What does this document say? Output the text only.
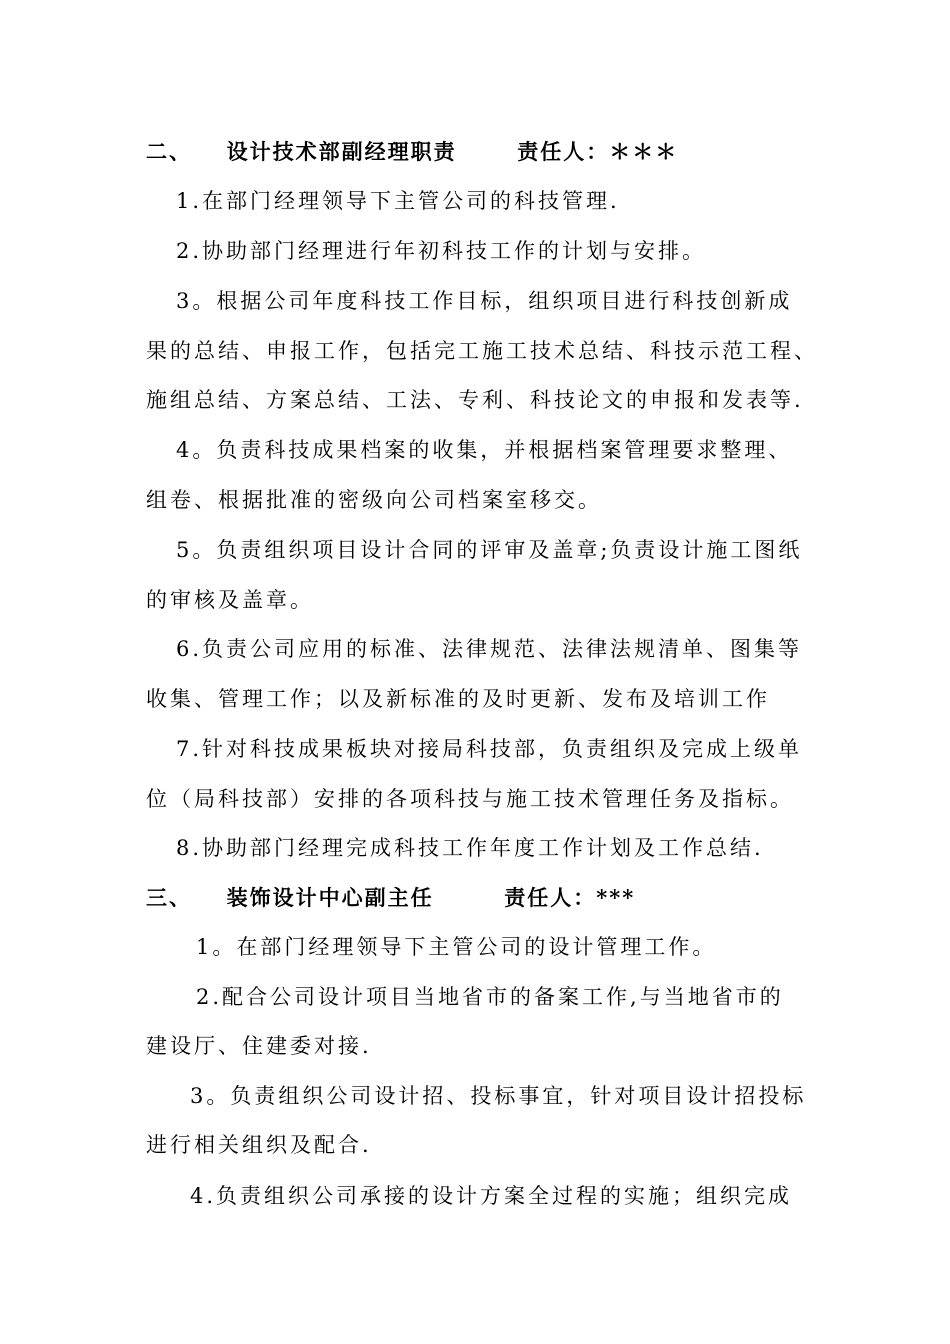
二、 设计技术部副经理职责	责任人：＊＊＊
1.在部门经理领导下主管公司的科技管理.
2.协助部门经理进行年初科技工作的计划与安排。
3。根据公司年度科技工作目标，组织项目进行科技创新成
果的总结、申报工作，包括完工施工技术总结、科技示范工程、
施组总结、方案总结、工法、专利、科技论文的申报和发表等.
4。负责科技成果档案的收集，并根据档案管理要求整理、
组卷、根据批准的密级向公司档案室移交。
5。负责组织项目设计合同的评审及盖章;负责设计施工图纸
的审核及盖章。
6.负责公司应用的标准、法律规范、法律法规清单、图集等
收集、管理工作；以及新标准的及时更新、发布及培训工作
7.针对科技成果板块对接局科技部，负责组织及完成上级单
位（局科技部）安排的各项科技与施工技术管理任务及指标。
8.协助部门经理完成科技工作年度工作计划及工作总结.
三、 装饰设计中心副主任	责任人：***
1。在部门经理领导下主管公司的设计管理工作。
2.配合公司设计项目当地省市的备案工作,与当地省市的
建设厅、住建委对接.
3。负责组织公司设计招、投标事宜，针对项目设计招投标
进行相关组织及配合.
4.负责组织公司承接的设计方案全过程的实施；组织完成
